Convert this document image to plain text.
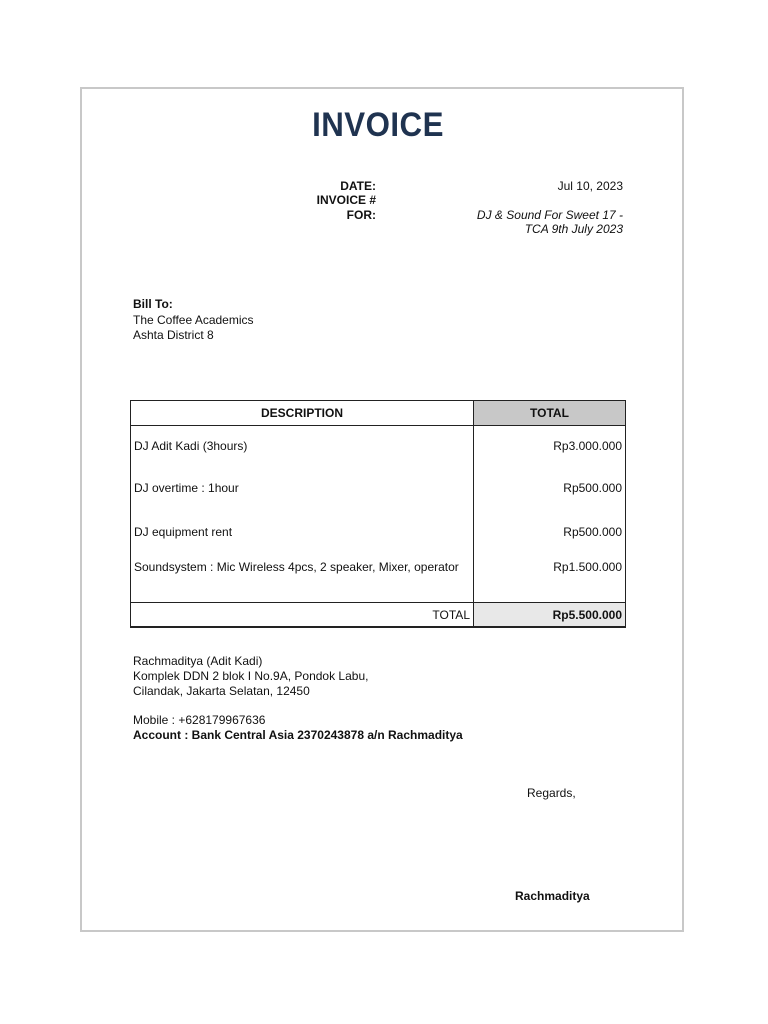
INVOICE
DATE:	Jul 10, 2023
INVOICE #
FOR:	DJ & Sound For Sweet 17 -
TCA 9th July 2023
Bill To:
The Coffee Academics
Ashta District 8
DESCRIPTION	TOTAL
DJ Adit Kadi (3hours)	Rp3.000.000
DJ overtime : 1hour	Rp500.000
DJ equipment rent	Rp500.000
Soundsystem : Mic Wireless 4pcs, 2 speaker, Mixer, operator	Rp1.500.000
TOTAL	Rp5.500.000
Rachmaditya (Adit Kadi)
Komplek DDN 2 blok I No.9A, Pondok Labu,
Cilandak, Jakarta Selatan, 12450
Mobile : +628179967636
Account : Bank Central Asia 2370243878 a/n Rachmaditya
Regards,
Rachmaditya
